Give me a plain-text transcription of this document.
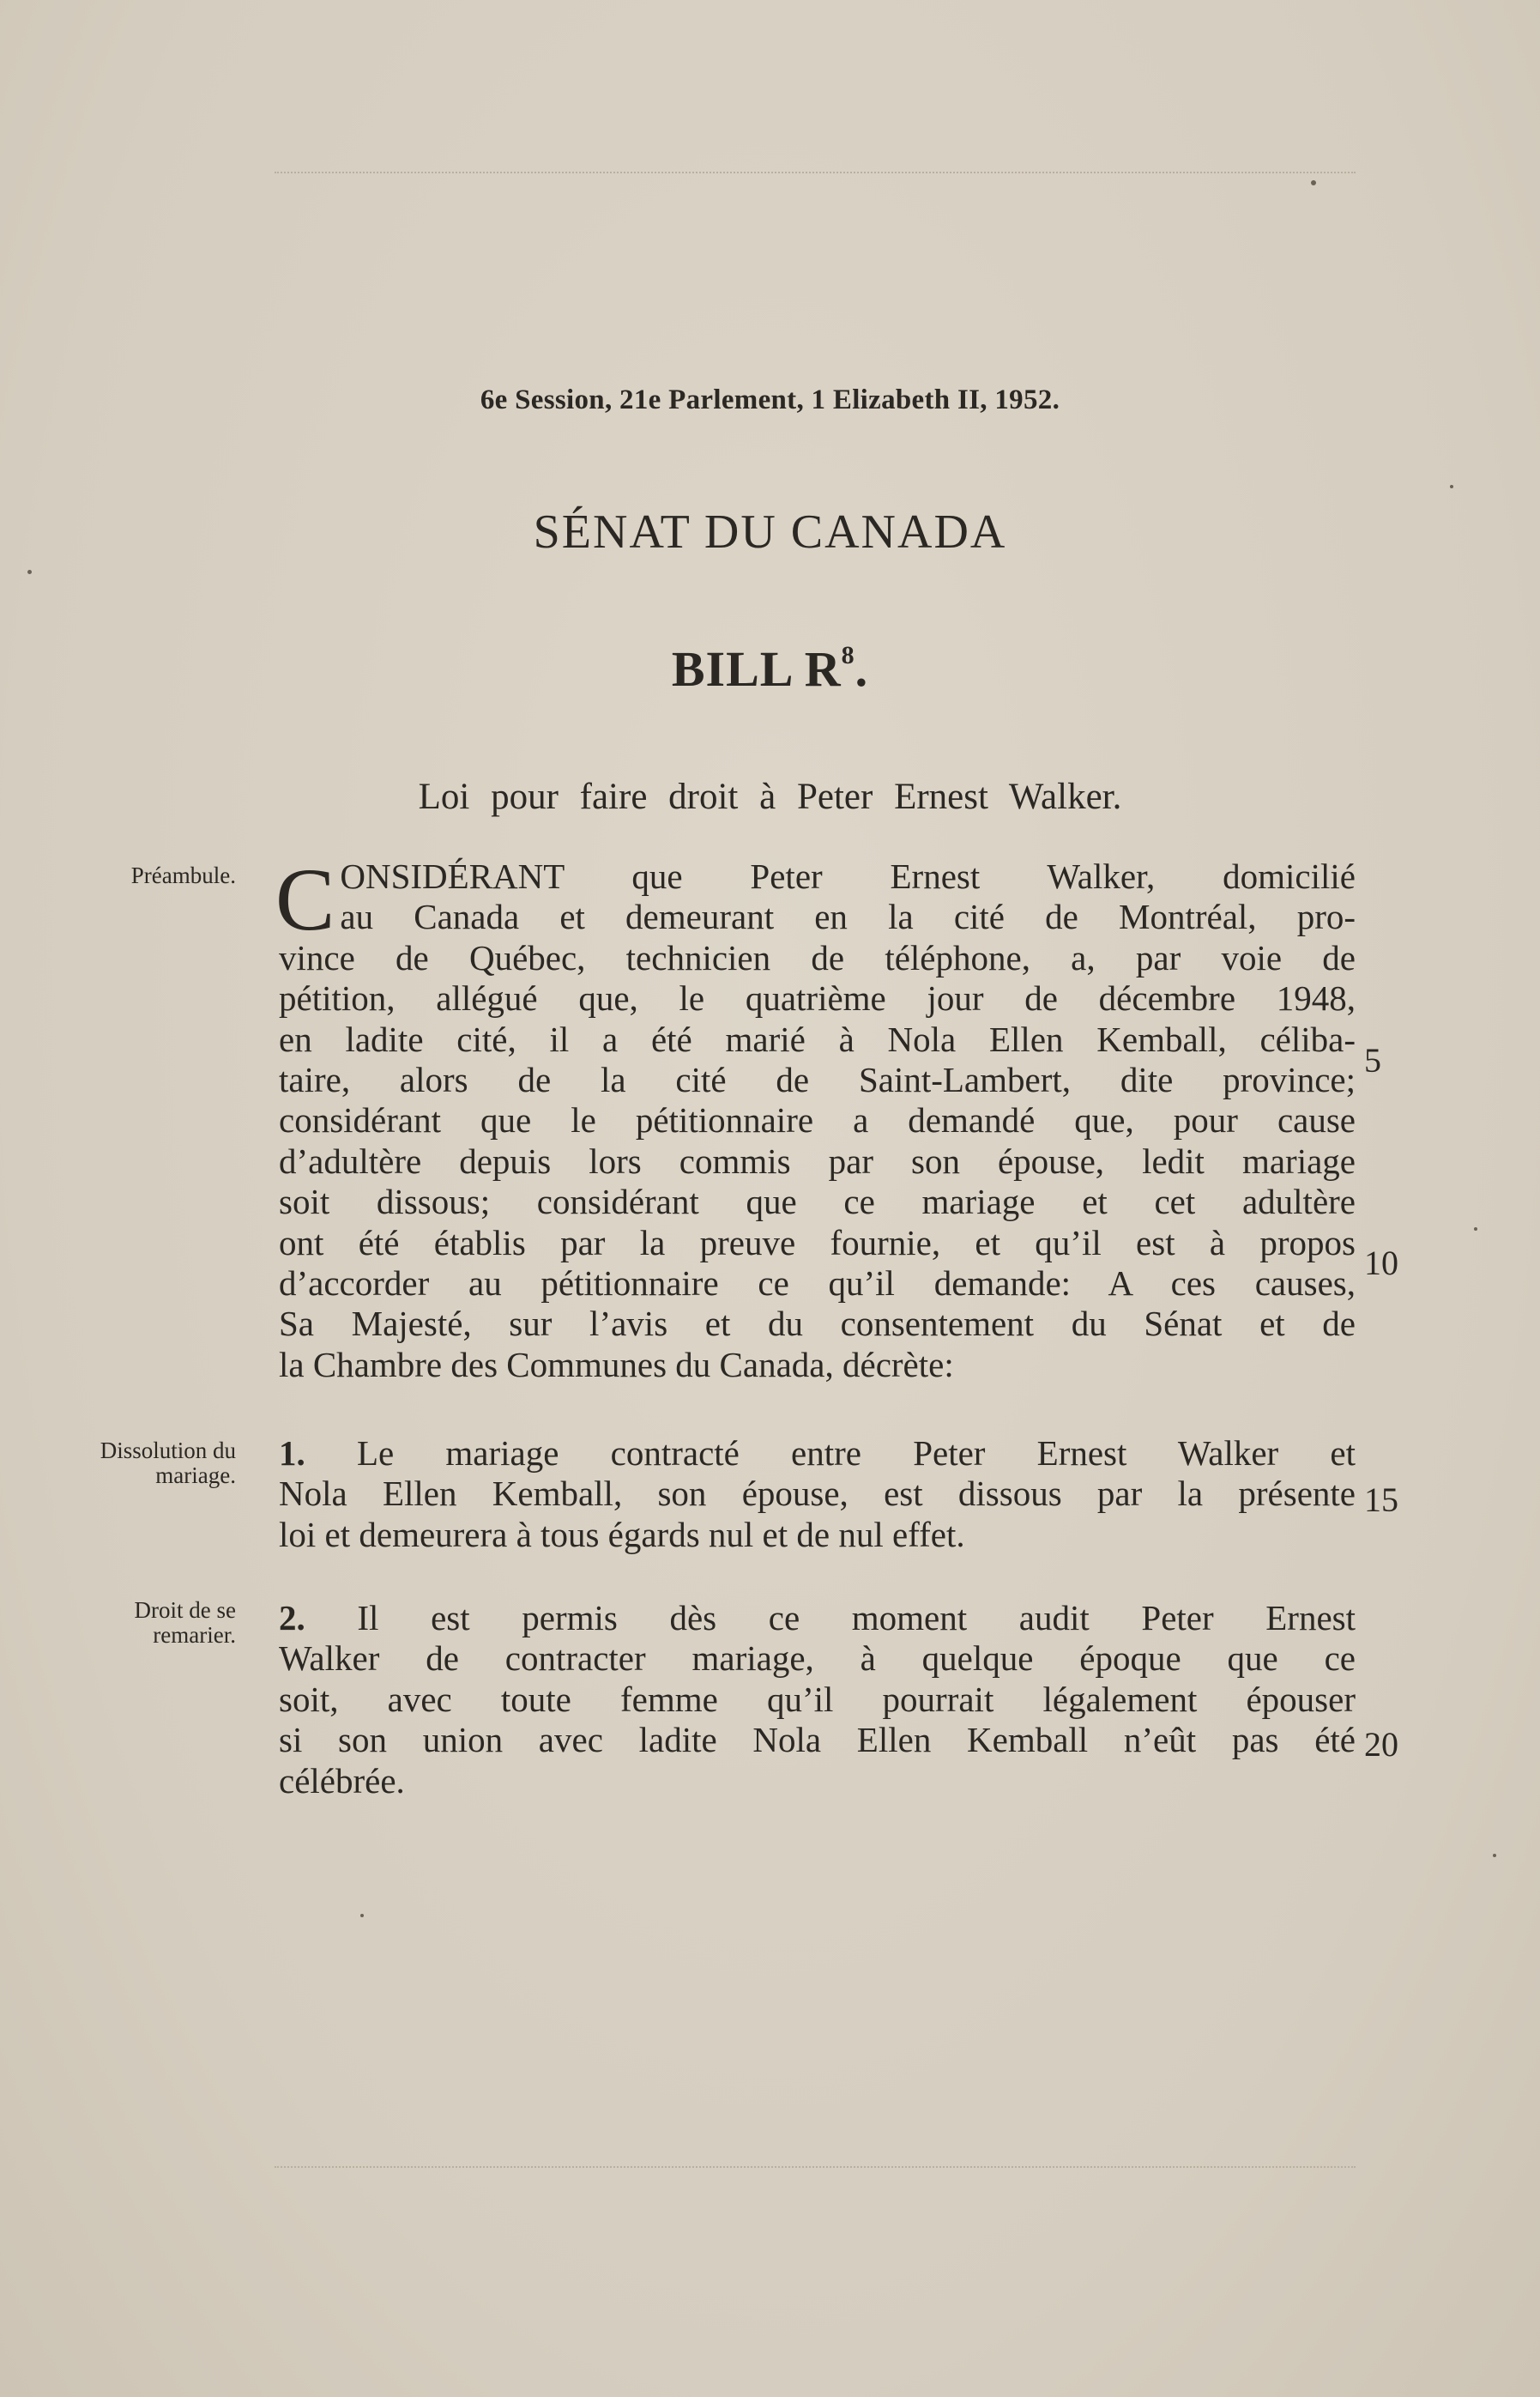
6e Session, 21e Parlement, 1 Elizabeth II, 1952.
SÉNAT DU CANADA
BILL $R^8$.
Loi pour faire droit à Peter Ernest Walker.
Préambule. C ONSIDÉRANT que Peter Ernest Walker, domicilié
au Canada et demeurant en la cité de Montréal, pro-
vince de Québec, technicien de téléphone, a, par voie de
pétition, allégué que, le quatrième jour de décembre 1948,
en ladite cité, il a été marié à Nola Ellen Kemball, céliba-
taire, alors de la cité de Saint-Lambert, dite province;
considérant que le pétitionnaire a demandé que, pour cause
d’adultère depuis lors commis par son épouse, ledit mariage
soit dissous; considérant que ce mariage et cet adultère
ont été établis par la preuve fournie, et qu’il est à propos
d’accorder au pétitionnaire ce qu’il demande: A ces causes,
Sa Majesté, sur l’avis et du consentement du Sénat et de
la Chambre des Communes du Canada, décrète:
Dissolution du mariage.
1. Le mariage contracté entre Peter Ernest Walker et
Nola Ellen Kemball, son épouse, est dissous par la présente
loi et demeurera à tous égards nul et de nul effet.
Droit de se remarier. 2. Il est permis dès ce moment audit Peter Ernest
Walker de contracter mariage, à quelque époque que ce
soit, avec toute femme qu’il pourrait légalement épouser
si son union avec ladite Nola Ellen Kemball n’eût pas été
célébrée.
5
10
15
20
